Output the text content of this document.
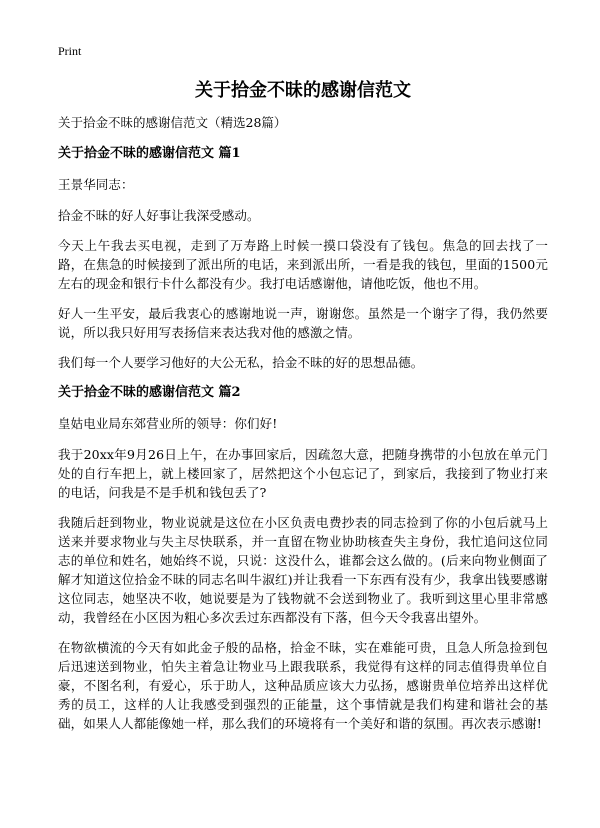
Print
关于拾金不昧的感谢信范文
关于拾金不昧的感谢信范文（精选28篇）
关于拾金不昧的感谢信范文 篇1

王景华同志：

拾金不昧的好人好事让我深受感动。

今天上午我去买电视，走到了万寿路上时候一摸口袋没有了钱包。焦急的回去找了一路，在焦急的时候接到了派出所的电话，来到派出所，一看是我的钱包，里面的1500元左右的现金和银行卡什么都没有少。我打电话感谢他，请他吃饭，他也不用。

好人一生平安，最后我衷心的感谢地说一声，谢谢您。虽然是一个谢字了得，我仍然要说，所以我只好用写表扬信来表达我对他的感激之情。

我们每一个人要学习他好的大公无私，拾金不昧的好的思想品德。

关于拾金不昧的感谢信范文 篇2

皇姑电业局东郊营业所的领导：你们好!

我于20xx年9月26日上午，在办事回家后，因疏忽大意，把随身携带的小包放在单元门处的自行车把上，就上楼回家了，居然把这个小包忘记了，到家后，我接到了物业打来的电话，问我是不是手机和钱包丢了?

我随后赶到物业，物业说就是这位在小区负责电费抄表的同志捡到了你的小包后就马上送来并要求物业与失主尽快联系，并一直留在物业协助核查失主身份，我忙追问这位同志的单位和姓名，她始终不说，只说：这没什么，谁都会这么做的。(后来向物业侧面了解才知道这位拾金不昧的同志名叫牛淑红)并让我看一下东西有没有少，我拿出钱要感谢这位同志，她坚决不收，她说要是为了钱物就不会送到物业了。我听到这里心里非常感动，我曾经在小区因为粗心多次丢过东西都没有下落，但今天令我喜出望外。

在物欲横流的今天有如此金子般的品格，拾金不昧，实在难能可贵，且急人所急捡到包后迅速送到物业，怕失主着急让物业马上跟我联系，我觉得有这样的同志值得贵单位自豪，不图名利，有爱心，乐于助人，这种品质应该大力弘扬，感谢贵单位培养出这样优秀的员工，这样的人让我感受到强烈的正能量，这个事情就是我们构建和谐社会的基础，如果人人都能像她一样，那么我们的环境将有一个美好和谐的氛围。再次表示感谢!
